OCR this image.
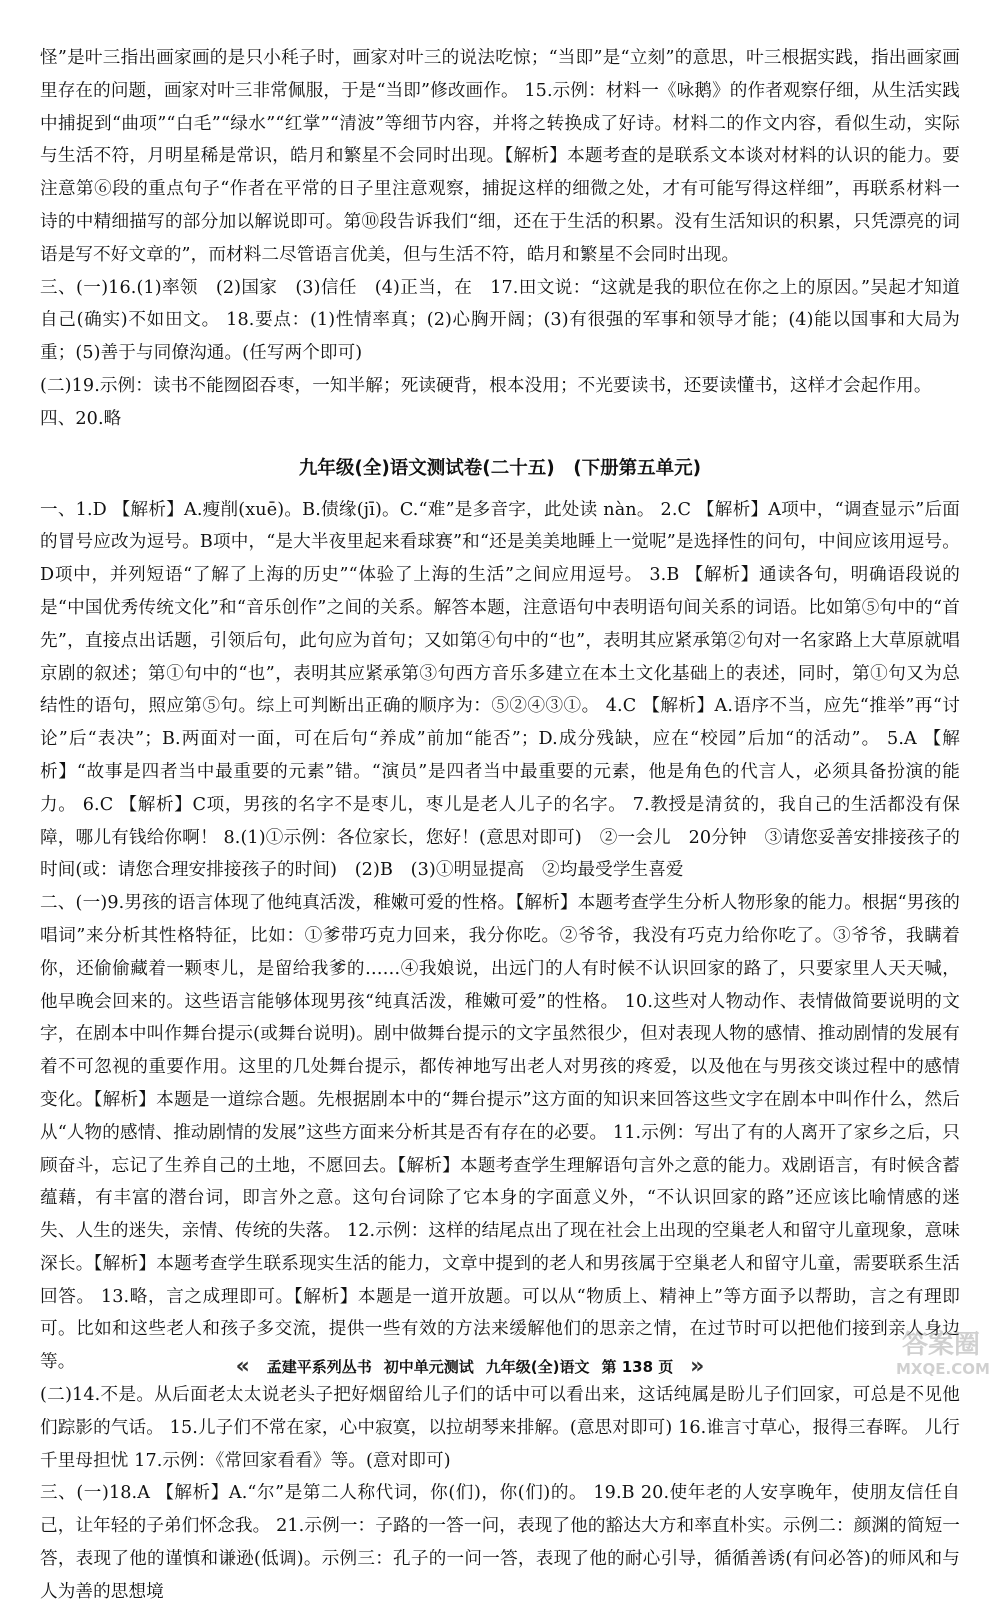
怪”是叶三指出画家画的是只小秏子时，画家对叶三的说法吃惊；“当即”是“立刻”的意思，叶三根据实践，指出画家画里存在的问题，画家对叶三非常佩服，于是“当即”修改画作。 15.示例：材料一《咏鹅》的作者观察仔细，从生活实践中捕捉到“曲项”“白毛”“绿水”“红掌”“清波”等细节内容，并将之转换成了好诗。材料二的作文内容，看似生动，实际与生活不符，月明星稀是常识，皓月和繁星不会同时出现。【解析】本题考查的是联系文本谈对材料的认识的能力。要注意第⑥段的重点句子“作者在平常的日子里注意观察，捕捉这样的细微之处，才有可能写得这样细”，再联系材料一诗的中精细描写的部分加以解说即可。第⑩段告诉我们“细，还在于生活的积累。没有生活知识的积累，只凭漂亮的词语是写不好文章的”，而材料二尽管语言优美，但与生活不符，皓月和繁星不会同时出现。

三、(一)16.(1)率领　(2)国家　(3)信任　(4)正当，在　17.田文说：“这就是我的职位在你之上的原因。”吴起才知道自己(确实)不如田文。 18.要点：(1)性情率真；(2)心胸开阔；(3)有很强的军事和领导才能；(4)能以国事和大局为重；(5)善于与同僚沟通。(任写两个即可)

(二)19.示例：读书不能囫囵吞枣，一知半解；死读硬背，根本没用；不光要读书，还要读懂书，这样才会起作用。

四、20.略

九年级(全)语文测试卷(二十五)　(下册第五单元)

一、1.D 【解析】A.瘦削(xuē)。B.债缘(jī)。C.“难”是多音字，此处读 nàn。 2.C 【解析】A项中，“调查显示”后面的冒号应改为逗号。B项中，“是大半夜里起来看球赛”和“还是美美地睡上一觉呢”是选择性的问句，中间应该用逗号。D项中，并列短语“了解了上海的历史”“体验了上海的生活”之间应用逗号。 3.B 【解析】通读各句，明确语段说的是“中国优秀传统文化”和“音乐创作”之间的关系。解答本题，注意语句中表明语句间关系的词语。比如第⑤句中的“首先”，直接点出话题，引领后句，此句应为首句；又如第④句中的“也”，表明其应紧承第②句对一名家路上大草原就唱京剧的叙述；第①句中的“也”，表明其应紧承第③句西方音乐多建立在本土文化基础上的表述，同时，第①句又为总结性的语句，照应第⑤句。综上可判断出正确的顺序为：⑤②④③①。 4.C 【解析】A.语序不当，应先“推举”再“讨论”后“表决”；B.两面对一面，可在后句“养成”前加“能否”；D.成分残缺，应在“校园”后加“的活动”。 5.A 【解析】“故事是四者当中最重要的元素”错。“演员”是四者当中最重要的元素，他是角色的代言人，必须具备扮演的能力。 6.C 【解析】C项，男孩的名字不是枣儿，枣儿是老人儿子的名字。 7.教授是清贫的，我自己的生活都没有保障，哪儿有钱给你啊！ 8.(1)①示例：各位家长，您好！(意思对即可)　②一会儿　20分钟　③请您妥善安排接孩子的时间(或：请您合理安排接孩子的时间)　(2)B　(3)①明显提高　②均最受学生喜爱

二、(一)9.男孩的语言体现了他纯真活泼，稚嫩可爱的性格。【解析】本题考查学生分析人物形象的能力。根据“男孩的唱词”来分析其性格特征，比如：①爹带巧克力回来，我分你吃。②爷爷，我没有巧克力给你吃了。③爷爷，我瞒着你，还偷偷藏着一颗枣儿，是留给我爹的……④我娘说，出远门的人有时候不认识回家的路了，只要家里人天天喊，他早晚会回来的。这些语言能够体现男孩“纯真活泼，稚嫩可爱”的性格。 10.这些对人物动作、表情做简要说明的文字，在剧本中叫作舞台提示(或舞台说明)。剧中做舞台提示的文字虽然很少，但对表现人物的感情、推动剧情的发展有着不可忽视的重要作用。这里的几处舞台提示，都传神地写出老人对男孩的疼爱，以及他在与男孩交谈过程中的感情变化。【解析】本题是一道综合题。先根据剧本中的“舞台提示”这方面的知识来回答这些文字在剧本中叫作什么，然后从“人物的感情、推动剧情的发展”这些方面来分析其是否有存在的必要。 11.示例：写出了有的人离开了家乡之后，只顾奋斗，忘记了生养自己的土地，不愿回去。【解析】本题考查学生理解语句言外之意的能力。戏剧语言，有时候含蓄蕴藉，有丰富的潜台词，即言外之意。这句台词除了它本身的字面意义外，“不认识回家的路”还应该比喻情感的迷失、人生的迷失，亲情、传统的失落。 12.示例：这样的结尾点出了现在社会上出现的空巢老人和留守儿童现象，意味深长。【解析】本题考查学生联系现实生活的能力，文章中提到的老人和男孩属于空巢老人和留守儿童，需要联系生活回答。 13.略，言之成理即可。【解析】本题是一道开放题。可以从“物质上、精神上”等方面予以帮助，言之有理即可。比如和这些老人和孩子多交流，提供一些有效的方法来缓解他们的思亲之情，在过节时可以把他们接到亲人身边等。

(二)14.不是。从后面老太太说老头子把好烟留给儿子们的话中可以看出来，这话纯属是盼儿子们回家，可总是不见他们踪影的气话。 15.儿子们不常在家，心中寂寞，以拉胡琴来排解。(意思对即可) 16.谁言寸草心，报得三春晖。 儿行千里母担忧 17.示例：《常回家看看》等。(意对即可)

三、(一)18.A 【解析】A.“尔”是第二人称代词，你(们)，你(们)的。 19.B 20.使年老的人安享晚年，使朋友信任自己，让年轻的子弟们怀念我。 21.示例一：子路的一答一问，表现了他的豁达大方和率直朴实。示例二：颜渊的简短一答，表现了他的谨慎和谦逊(低调)。示例三：孔子的一问一答，表现了他的耐心引导，循循善诱(有问必答)的师风和与人为善的思想境

«	孟建平系列丛书 初中单元测试 九年级(全)语文 第 138 页 »
答案圈
MXQE.COM
